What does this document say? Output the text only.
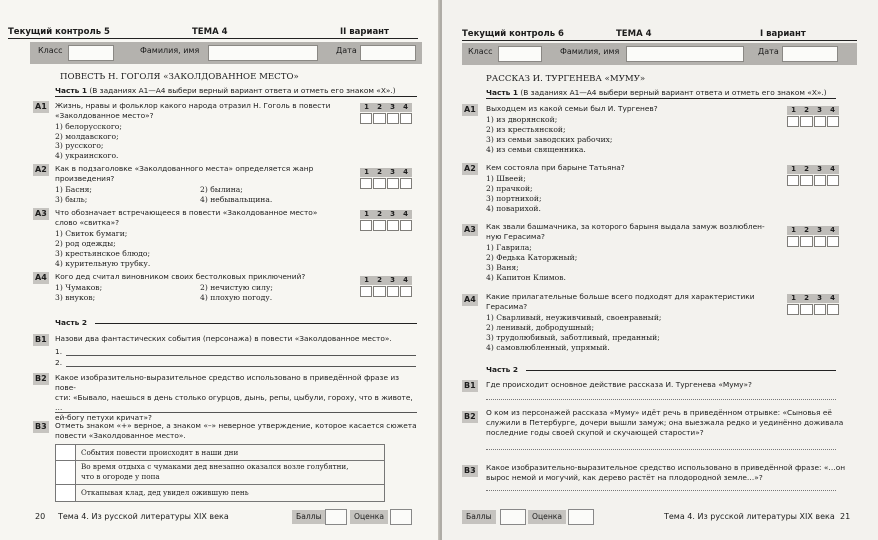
Текущий контроль 5	ТЕМА 4	II вариант
Класс	Фамилия, имя	Дата
ПОВЕСТЬ Н. ГОГОЛЯ «ЗАКОЛДОВАННОЕ МЕСТО»
Часть 1 (В заданиях А1—А4 выбери верный вариант ответа и отметь его знаком «Х».)
А1 Жизнь, нравы и фольклор какого народа отразил Н. Гоголь в повести
«Заколдованное место»?
1	2	3	4
1) белорусского;
2) молдавского;
3) русского;
4) украинского.
А2 Как в подзаголовке «Заколдованного места» определяется жанр
произведения?
1	2	3	4
1) Басня;	2) былина;
3) быль;	4) небывальщина.
А3 Что обозначает встречающееся в повести «Заколдованное место»
слово «свитка»?
1	2	3	4
1) Свиток бумаги;
2) род одежды;
3) крестьянское блюдо;
4) курительную трубку.
А4 Кого дед считал виновником своих бестолковых приключений?	1	2	3	4
1) Чумаков;	2) нечистую силу;
3) внуков;	4) плохую погоду.
Часть 2
В1 Назови два фантастических события (персонажа) в повести «Заколдованное место».
1.
2.
В2 Какое изобразительно-выразительное средство использовано в приведённой фразе из пове-
сти: «Бывало, наешься в день столько огурцов, дынь, репы, цыбули, гороху, что в животе, …
ей-богу петухи кричат»?
В3 Отметь знаком «+» верное, а знаком «–» неверное утверждение, которое касается сюжета
повести «Заколдованное место».
События повести происходят в наши дни
Во время отдыха с чумаками дед внезапно оказался возле голубятни,
что в огороде у попа
Откапывая клад, дед увидел ожившую пень
20 Тема 4. Из русской литературы XIX века	Баллы	Оценка
Текущий контроль 6	ТЕМА 4	I вариант
Класс	Фамилия, имя	Дата
РАССКАЗ И. ТУРГЕНЕВА «МУМУ»
Часть 1 (В заданиях А1—А4 выбери верный вариант ответа и отметь его знаком «Х».)
А1 Выходцем из какой семьи был И. Тургенев?	1	2	3	4
1) из дворянской;
2) из крестьянской;
3) из семьи заводских рабочих;
4) из семьи священника.
А2 Кем состояла при барыне Татьяна?	1	2	3	4
1) Швеей;
2) прачкой;
3) портнихой;
4) поварихой.
А3 Как звали башмачника, за которого барыня выдала замуж возлюблен-
ную Герасима?
1	2	3	4
1) Гаврила;
2) Федька Каторжный;
3) Ваня;
4) Капитон Климов.
А4 Какие прилагательные больше всего подходят для характеристики
Герасима?
1	2	3	4
1) Сварливый, неуживчивый, своенравный;
2) ленивый, добродушный;
3) трудолюбивый, заботливый, преданный;
4) самовлюбленный, упрямый.
Часть 2
В1 Где происходит основное действие рассказа И. Тургенева «Муму»?
В2 О ком из персонажей рассказа «Муму» идёт речь в приведённом отрывке: «Сыновья её
служили в Петербурге, дочери вышли замуж; она выезжала редко и уединённо доживала
последние годы своей скупой и скучающей старости»?
В3 Какое изобразительно-выразительное средство использовано в приведённой фразе: «…он
вырос немой и могучий, как дерево растёт на плодородной земле…»?
Баллы	Оценка	Тема 4. Из русской литературы XIX века 21
